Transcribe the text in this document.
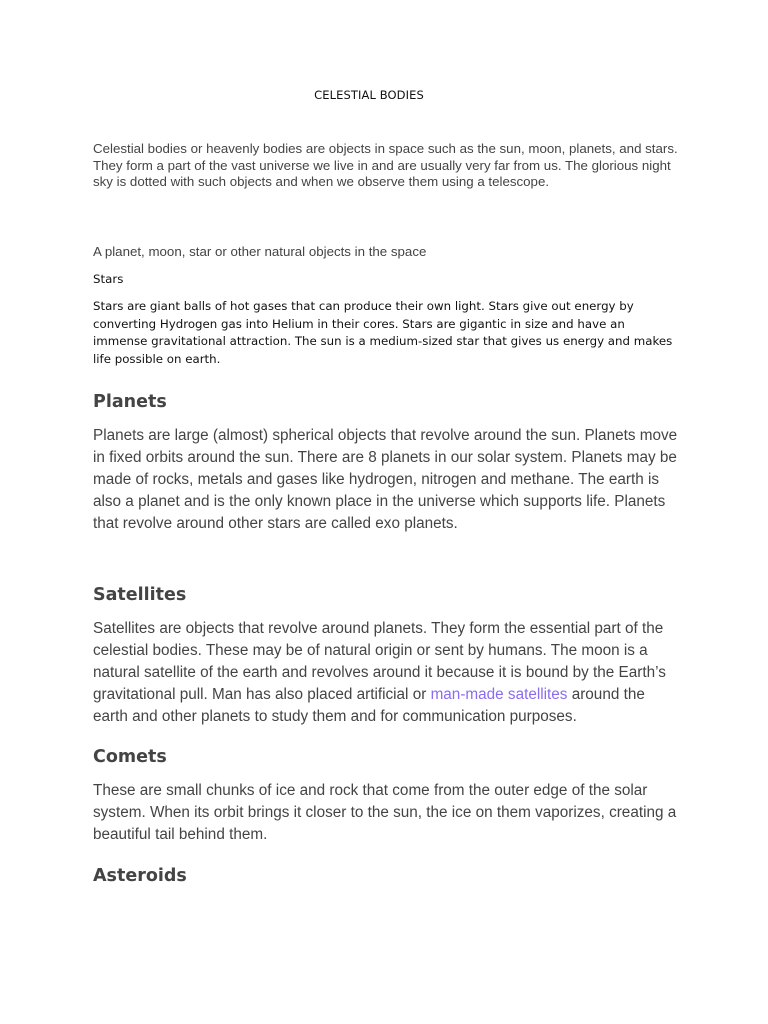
CELESTIAL BODIES

Celestial bodies or heavenly bodies are objects in space such as the sun, moon, planets, and stars. They form a part of the vast universe we live in and are usually very far from us. The glorious night sky is dotted with such objects and when we observe them using a telescope.

A planet, moon, star or other natural objects in the space

Stars

Stars are giant balls of hot gases that can produce their own light. Stars give out energy by converting Hydrogen gas into Helium in their cores. Stars are gigantic in size and have an immense gravitational attraction. The sun is a medium-sized star that gives us energy and makes life possible on earth.

Planets

Planets are large (almost) spherical objects that revolve around the sun. Planets move in fixed orbits around the sun. There are 8 planets in our solar system. Planets may be made of rocks, metals and gases like hydrogen, nitrogen and methane. The earth is also a planet and is the only known place in the universe which supports life. Planets that revolve around other stars are called exo planets.

Satellites

Satellites are objects that revolve around planets. They form the essential part of the celestial bodies. These may be of natural origin or sent by humans. The moon is a natural satellite of the earth and revolves around it because it is bound by the Earth’s gravitational pull. Man has also placed artificial or man-made satellites around the earth and other planets to study them and for communication purposes.

Comets

These are small chunks of ice and rock that come from the outer edge of the solar system. When its orbit brings it closer to the sun, the ice on them vaporizes, creating a beautiful tail behind them.

Asteroids
